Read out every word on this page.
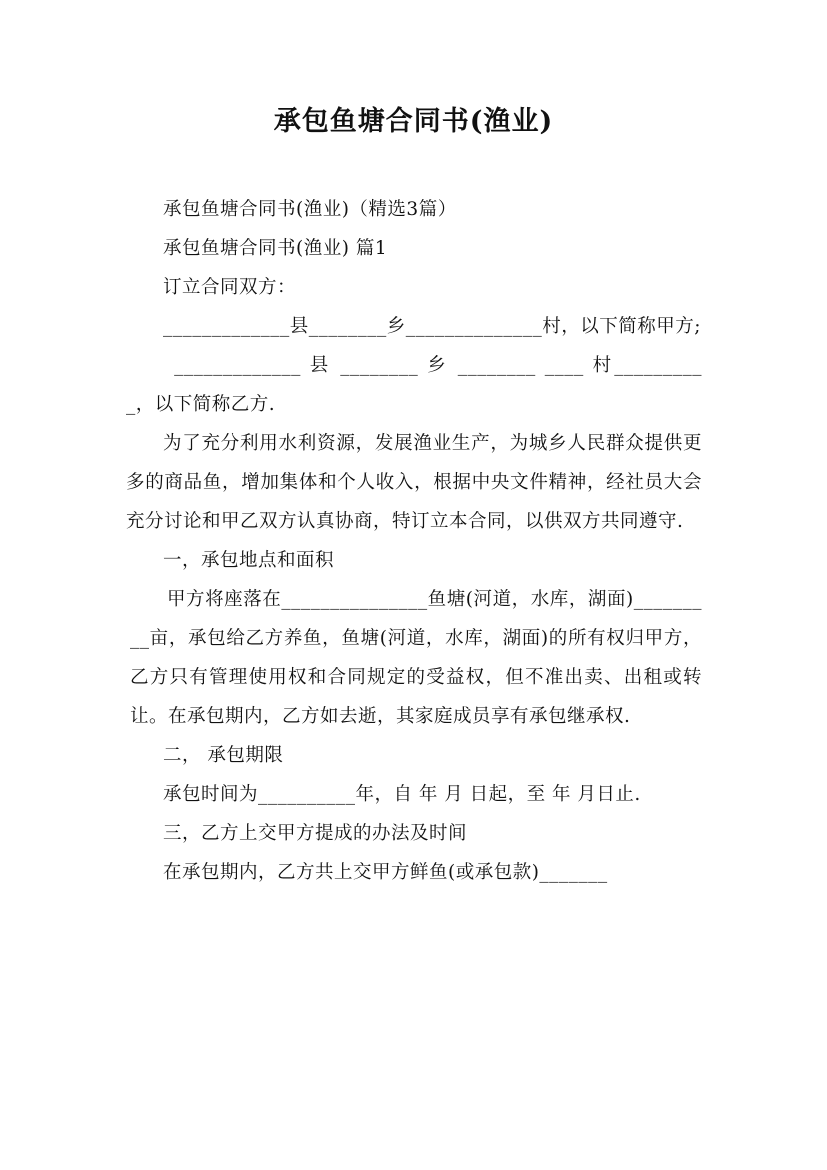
承包鱼塘合同书(渔业)

承包鱼塘合同书(渔业)（精选3篇）

承包鱼塘合同书(渔业) 篇1

订立合同双方：

_____________县________乡______________村，以下简称甲方;

_____________ 县 ________ 乡 ________ ____ 村__________，以下简称乙方.

为了充分利用水利资源，发展渔业生产，为城乡人民群众提供更多的商品鱼，增加集体和个人收入，根据中央文件精神，经社员大会充分讨论和甲乙双方认真协商，特订立本合同，以供双方共同遵守.

一，承包地点和面积

甲方将座落在_______________鱼塘(河道，水库，湖面)_________亩，承包给乙方养鱼，鱼塘(河道，水库，湖面)的所有权归甲方，乙方只有管理使用权和合同规定的受益权，但不准出卖、出租或转让。在承包期内，乙方如去逝，其家庭成员享有承包继承权.

二， 承包期限

承包时间为__________年，自 年 月 日起，至 年 月日止.

三，乙方上交甲方提成的办法及时间

在承包期内，乙方共上交甲方鲜鱼(或承包款)_______
